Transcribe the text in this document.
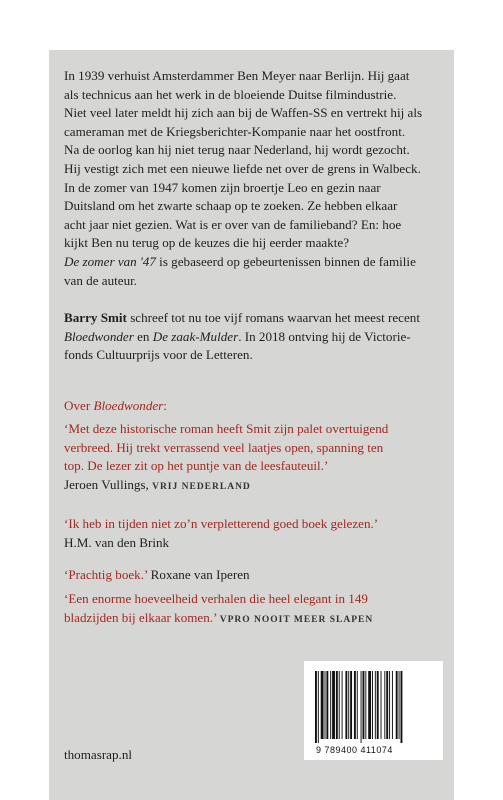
In 1939 verhuist Amsterdammer Ben Meyer naar Berlijn. Hij gaat
als technicus aan het werk in de bloeiende Duitse filmindustrie.
Niet veel later meldt hij zich aan bij de Waffen-SS en vertrekt hij als
cameraman met de Kriegsberichter-Kompanie naar het oostfront.
Na de oorlog kan hij niet terug naar Nederland, hij wordt gezocht.
Hij vestigt zich met een nieuwe liefde net over de grens in Walbeck.
In de zomer van 1947 komen zijn broertje Leo en gezin naar
Duitsland om het zwarte schaap op te zoeken. Ze hebben elkaar
acht jaar niet gezien. Wat is er over van de familieband? En: hoe
kijkt Ben nu terug op de keuzes die hij eerder maakte?
De zomer van '47 is gebaseerd op gebeurtenissen binnen de familie
van de auteur.
Barry Smit schreef tot nu toe vijf romans waarvan het meest recent
Bloedwonder en De zaak-Mulder. In 2018 ontving hij de Victorie-
fonds Cultuurprijs voor de Letteren.
Over Bloedwonder:
‘Met deze historische roman heeft Smit zijn palet overtuigend
verbreed. Hij trekt verrassend veel laatjes open, spanning ten
top. De lezer zit op het puntje van de leesfauteuil.’
Jeroen Vullings, VRIJ NEDERLAND
‘Ik heb in tijden niet zo’n verpletterend goed boek gelezen.’
H.M. van den Brink
‘Prachtig boek.’ Roxane van Iperen
‘Een enorme hoeveelheid verhalen die heel elegant in 149
bladzijden bij elkaar komen.’ VPRO NOOIT MEER SLAPEN
9 789400 411074
thomasrap.nl
